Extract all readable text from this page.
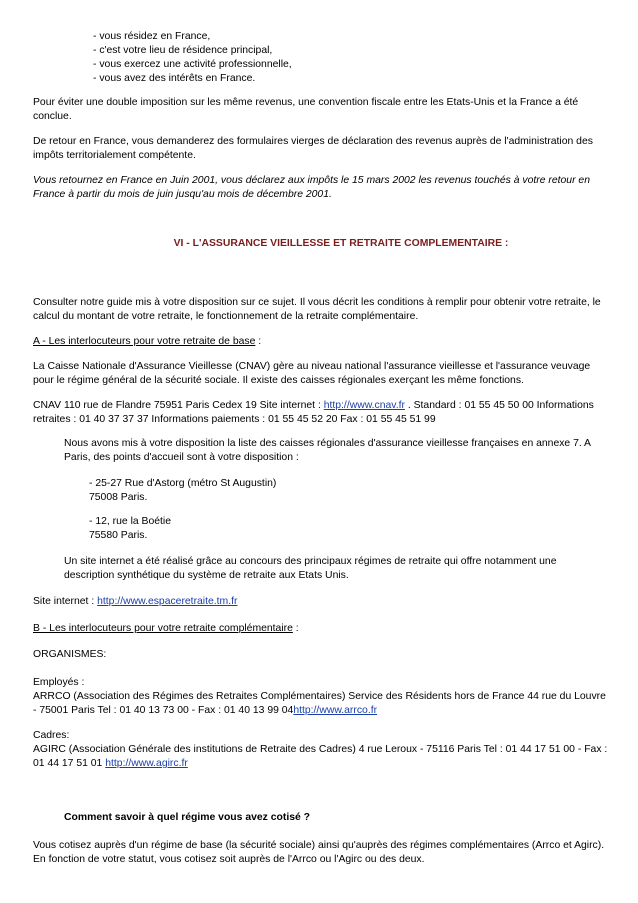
- vous résidez en France,
- c'est votre lieu de résidence principal,
- vous exercez une activité professionnelle,
- vous avez des intérêts en France.

Pour éviter une double imposition sur les même revenus, une convention fiscale entre les Etats-Unis et la France a été conclue.

De retour en France, vous demanderez des formulaires vierges de déclaration des revenus auprès de l'administration des impôts territorialement compétente.

Vous retournez en France en Juin 2001, vous déclarez aux impôts le 15 mars 2002 les revenus touchés à votre retour en France à partir du mois de juin jusqu'au mois de décembre 2001.

VI - L'ASSURANCE VIEILLESSE ET RETRAITE COMPLEMENTAIRE :

Consulter notre guide mis à votre disposition sur ce sujet. Il vous décrit les conditions à remplir pour obtenir votre retraite, le calcul du montant de votre retraite, le fonctionnement de la retraite complémentaire.

A - Les interlocuteurs pour votre retraite de base :

La Caisse Nationale d'Assurance Vieillesse (CNAV) gère au niveau national l'assurance vieillesse et l'assurance veuvage pour le régime général de la sécurité sociale. Il existe des caisses régionales exerçant les même fonctions.

CNAV 110 rue de Flandre 75951 Paris Cedex 19 Site internet : http://www.cnav.fr . Standard : 01 55 45 50 00 Informations retraites : 01 40 37 37 37 Informations paiements : 01 55 45 52 20 Fax : 01 55 45 51 99

Nous avons mis à votre disposition la liste des caisses régionales d'assurance vieillesse françaises en annexe 7. A Paris, des points d'accueil sont à votre disposition :

- 25-27 Rue d'Astorg (métro St Augustin)
75008 Paris.
- 12, rue la Boétie
75580 Paris.

Un site internet a été réalisé grâce au concours des principaux régimes de retraite qui offre notamment une description synthétique du système de retraite aux Etats Unis.

Site internet : http://www.espaceretraite.tm.fr

B - Les interlocuteurs pour votre retraite complémentaire :

ORGANISMES:

Employés :
ARRCO (Association des Régimes des Retraites Complémentaires) Service des Résidents hors de France 44 rue du Louvre - 75001 Paris Tel : 01 40 13 73 00 - Fax : 01 40 13 99 04http://www.arrco.fr
Cadres:
AGIRC (Association Générale des institutions de Retraite des Cadres) 4 rue Leroux - 75116 Paris Tel : 01 44 17 51 00 - Fax : 01 44 17 51 01 http://www.agirc.fr

Comment savoir à quel régime vous avez cotisé ?

Vous cotisez auprès d'un régime de base (la sécurité sociale) ainsi qu'auprès des régimes complémentaires (Arrco et Agirc). En fonction de votre statut, vous cotisez soit auprès de l'Arrco ou l'Agirc ou des deux.
